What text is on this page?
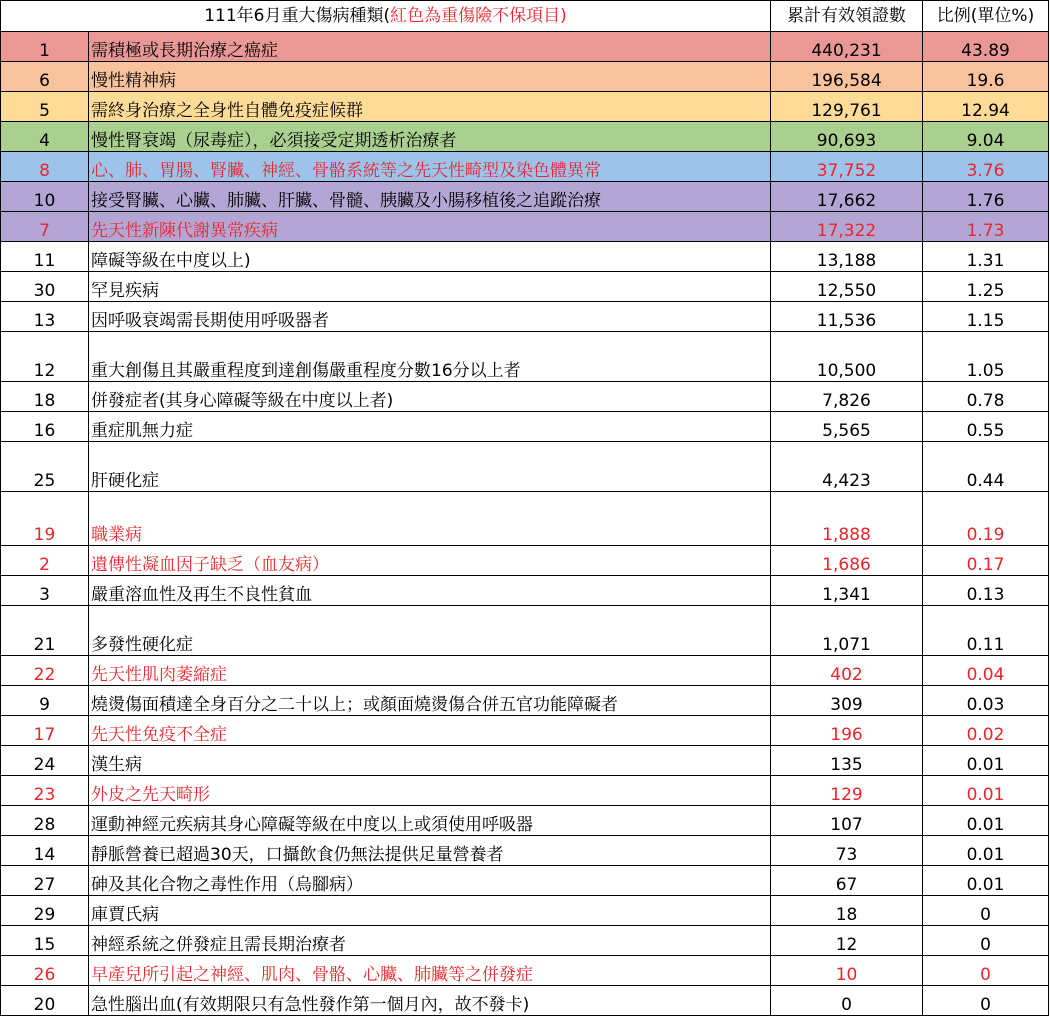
111年6月重大傷病種類(紅色為重傷險不保項目)		累計有效領證數	比例(單位%)
1	需積極或長期治療之癌症	440,231	43.89
6	慢性精神病	196,584	19.6
5	需終身治療之全身性自體免疫症候群	129,761	12.94
4	慢性腎衰竭（尿毒症），必須接受定期透析治療者	90,693	9.04
8	心、肺、胃腸、腎臟、神經、骨骼系統等之先天性畸型及染色體異常	37,752	3.76
10	接受腎臟、心臟、肺臟、肝臟、骨髓、胰臟及小腸移植後之追蹤治療	17,662	1.76
7	先天性新陳代謝異常疾病	17,322	1.73
11	障礙等級在中度以上)	13,188	1.31
30	罕見疾病	12,550	1.25
13	因呼吸衰竭需長期使用呼吸器者	11,536	1.15
12	重大創傷且其嚴重程度到達創傷嚴重程度分數16分以上者	10,500	1.05
18	併發症者(其身心障礙等級在中度以上者)	7,826	0.78
16	重症肌無力症	5,565	0.55
25	肝硬化症	4,423	0.44
19	職業病	1,888	0.19
2	遺傳性凝血因子缺乏（血友病）	1,686	0.17
3	嚴重溶血性及再生不良性貧血	1,341	0.13
21	多發性硬化症	1,071	0.11
22	先天性肌肉萎縮症	402	0.04
9	燒燙傷面積達全身百分之二十以上；或顏面燒燙傷合併五官功能障礙者	309	0.03
17	先天性免疫不全症	196	0.02
24	漢生病	135	0.01
23	外皮之先天畸形	129	0.01
28	運動神經元疾病其身心障礙等級在中度以上或須使用呼吸器	107	0.01
14	靜脈營養已超過30天，口攝飲食仍無法提供足量營養者	73	0.01
27	砷及其化合物之毒性作用（烏腳病）	67	0.01
29	庫賈氏病	18	0
15	神經系統之併發症且需長期治療者	12	0
26	早產兒所引起之神經、肌肉、骨骼、心臟、肺臟等之併發症	10	0
20	急性腦出血(有效期限只有急性發作第一個月內，故不發卡)	0	0
